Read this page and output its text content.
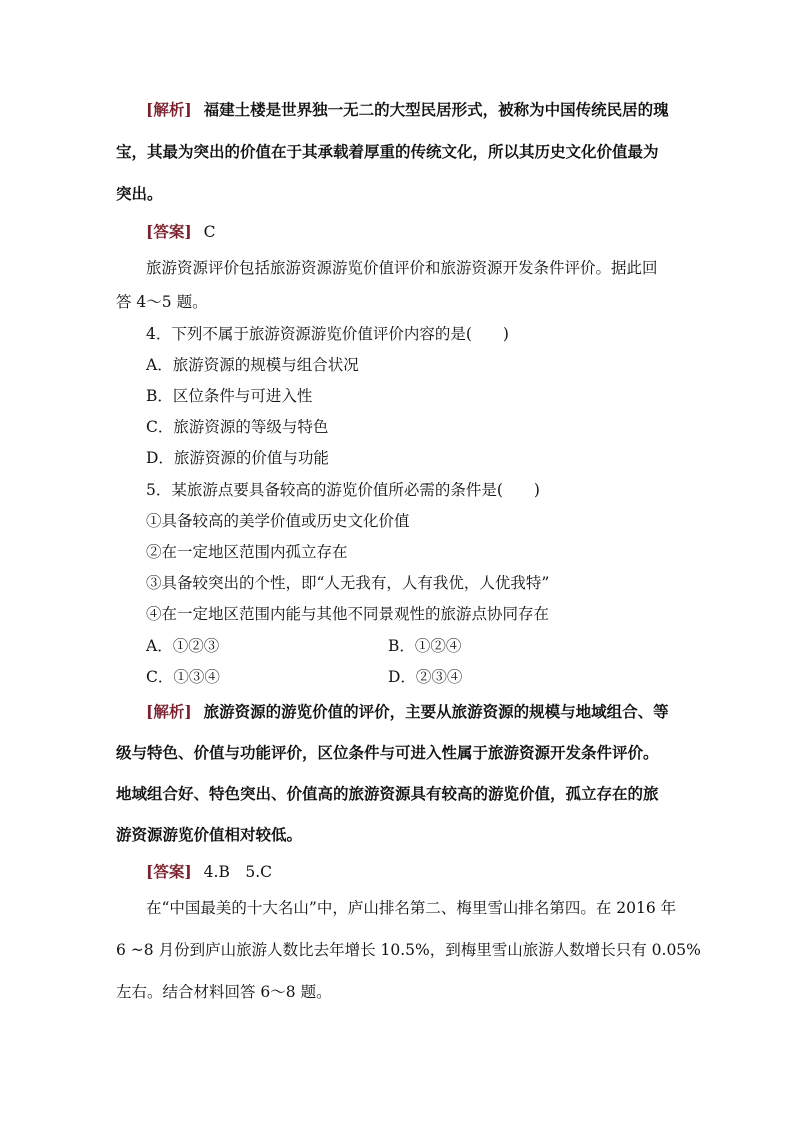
[解析] 福建土楼是世界独一无二的大型民居形式，被称为中国传统民居的瑰
宝，其最为突出的价值在于其承载着厚重的传统文化，所以其历史文化价值最为
突出。
[答案] C
旅游资源评价包括旅游资源游览价值评价和旅游资源开发条件评价。据此回
答 4～5 题。
4．下列不属于旅游资源游览价值评价内容的是(　　)
A．旅游资源的规模与组合状况
B．区位条件与可进入性
C．旅游资源的等级与特色
D．旅游资源的价值与功能
5．某旅游点要具备较高的游览价值所必需的条件是(　　)
①具备较高的美学价值或历史文化价值
②在一定地区范围内孤立存在
③具备较突出的个性，即“人无我有，人有我优，人优我特”
④在一定地区范围内能与其他不同景观性的旅游点协同存在
A．①②③	B．①②④
C．①③④	D．②③④
[解析] 旅游资源的游览价值的评价，主要从旅游资源的规模与地域组合、等
级与特色、价值与功能评价，区位条件与可进入性属于旅游资源开发条件评价。
地域组合好、特色突出、价值高的旅游资源具有较高的游览价值，孤立存在的旅
游资源游览价值相对较低。
[答案] 4.B　5.C
在“中国最美的十大名山”中，庐山排名第二、梅里雪山排名第四。在 2016 年
6 ~8 月份到庐山旅游人数比去年增长 10.5%，到梅里雪山旅游人数增长只有 0.05%
左右。结合材料回答 6～8 题。
